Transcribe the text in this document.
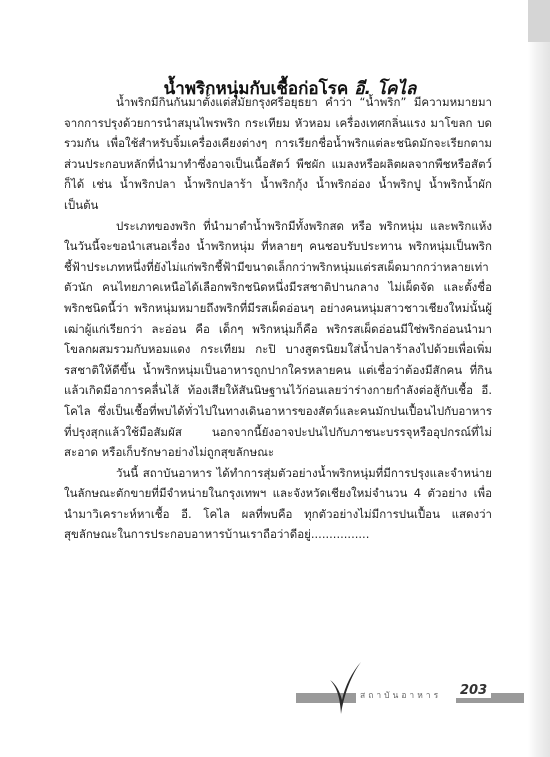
น้ำพริกหนุ่มกับเชื้อก่อโรค อี. โคไล

น้ำพริกมีกินกันมาตั้งแต่สมัยกรุงศรีอยุธยา คำว่า “น้ำพริก” มีความหมายมาจากการปรุงด้วยการนำสมุนไพรพริก กระเทียม หัวหอม เครื่องเทศกลิ่นแรง มาโขลก บด รวมกัน เพื่อใช้สำหรับจิ้มเครื่องเคียงต่างๆ การเรียกชื่อน้ำพริกแต่ละชนิดมักจะเรียกตามส่วนประกอบหลักที่นำมาทำซึ่งอาจเป็นเนื้อสัตว์ พืชผัก แมลงหรือผลิตผลจากพืชหรือสัตว์ก็ได้ เช่น น้ำพริกปลา น้ำพริกปลาร้า น้ำพริกกุ้ง น้ำพริกอ่อง น้ำพริกปู น้ำพริกน้ำผัก เป็นต้น

ประเภทของพริก ที่นำมาตำน้ำพริกมีทั้งพริกสด หรือ พริกหนุ่ม และพริกแห้ง ในวันนี้จะขอนำเสนอเรื่อง น้ำพริกหนุ่ม ที่หลายๆ คนชอบรับประทาน พริกหนุ่มเป็นพริกชี้ฟ้าประเภทหนึ่งที่ยังไม่แก่พริกชี้ฟ้ามีขนาดเล็กกว่าพริกหนุ่มแต่รสเผ็ดมากกว่าหลายเท่าตัวนัก คนไทยภาคเหนือได้เลือกพริกชนิดหนึ่งมีรสชาติปานกลาง ไม่เผ็ดจัด และตั้งชื่อพริกชนิดนี้ว่า พริกหนุ่มหมายถึงพริกที่มีรสเผ็ดอ่อนๆ อย่างคนหนุ่มสาวชาวเชียงใหม่นั้นผู้เฒ่าผู้แก่เรียกว่า ละอ่อน คือ เด็กๆ พริกหนุ่มก็คือ พริกรสเผ็ดอ่อนมีใช่พริกอ่อนนำมาโขลกผสมรวมกับหอมแดง กระเทียม กะปิ บางสูตรนิยมใส่น้ำปลาร้าลงไปด้วยเพื่อเพิ่มรสชาติให้ดีขึ้น น้ำพริกหนุ่มเป็นอาหารถูกปากใครหลายคน แต่เชื่อว่าต้องมีสักคน ที่กินแล้วเกิดมีอาการคลื่นไส้ ท้องเสียให้สันนิษฐานไว้ก่อนเลยว่าร่างกายกำลังต่อสู้กับเชื้อ อี. โคไล ซึ่งเป็นเชื้อที่พบได้ทั่วไปในทางเดินอาหารของสัตว์และคนมักปนเปื้อนไปกับอาหารที่ปรุงสุกแล้วใช้มือสัมผัส นอกจากนี้ยังอาจปะปนไปกับภาชนะบรรจุหรืออุปกรณ์ที่ไม่สะอาด หรือเก็บรักษาอย่างไม่ถูกสุขลักษณะ

วันนี้ สถาบันอาหาร ได้ทำการสุ่มตัวอย่างน้ำพริกหนุ่มที่มีการปรุงและจำหน่ายในลักษณะตักขายที่มีจำหน่ายในกรุงเทพฯ และจังหวัดเชียงใหม่จำนวน 4 ตัวอย่าง เพื่อนำมาวิเคราะห์หาเชื้อ อี. โคไล ผลที่พบคือ ทุกตัวอย่างไม่มีการปนเปื้อน แสดงว่าสุขลักษณะในการประกอบอาหารบ้านเราถือว่าดีอยู่................

สถาบันอาหาร	203
